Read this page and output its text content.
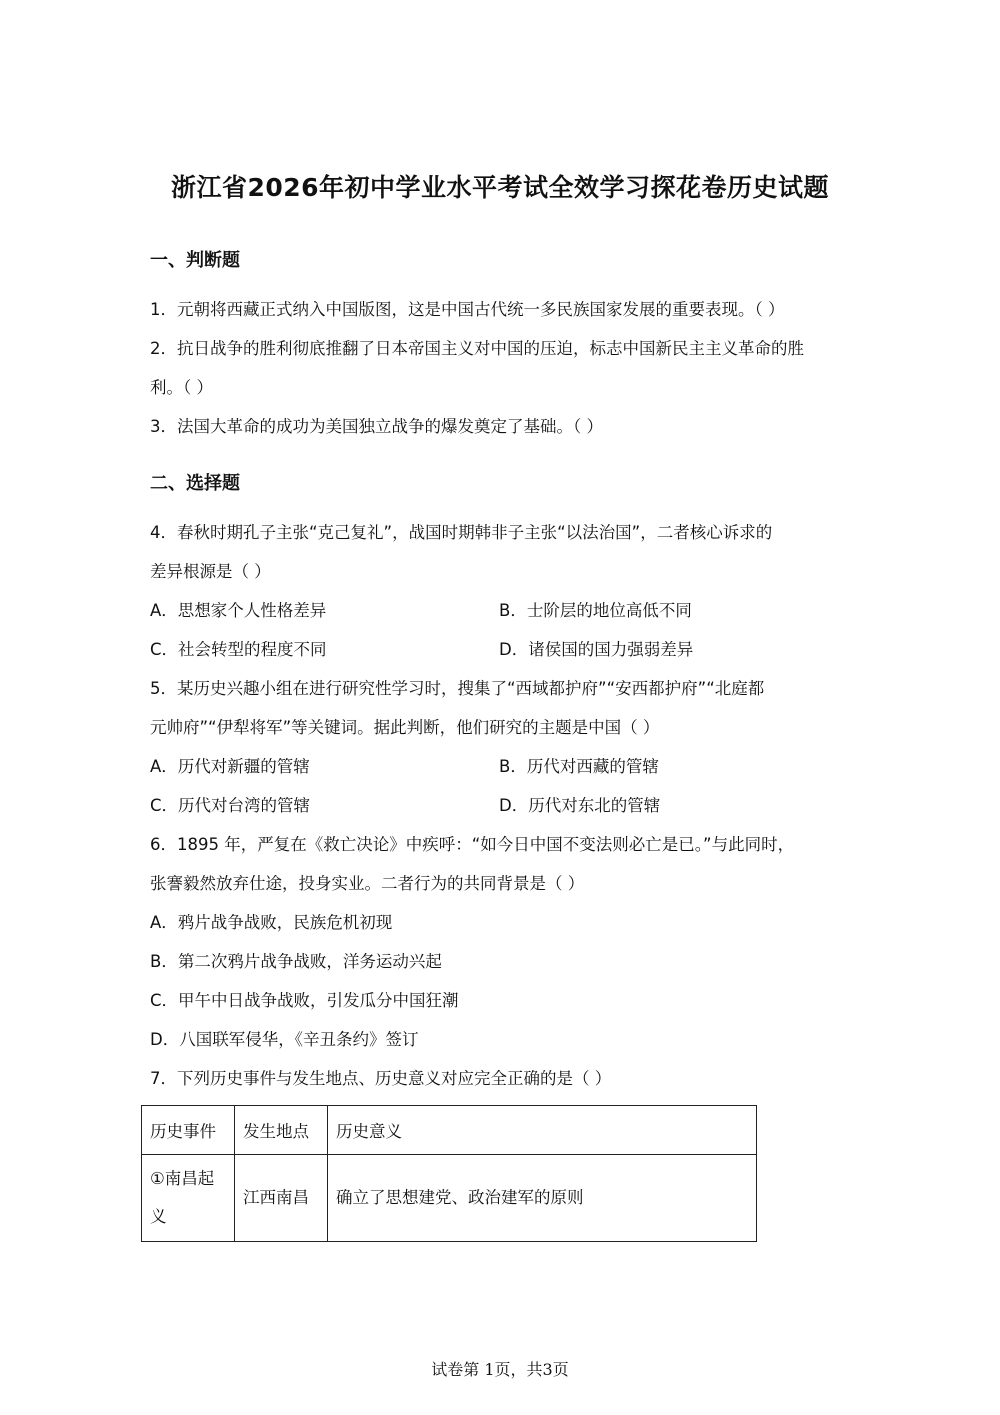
浙江省2026年初中学业水平考试全效学习探花卷历史试题
一、判断题
1．元朝将西藏正式纳入中国版图，这是中国古代统一多民族国家发展的重要表现。（ ）
2．抗日战争的胜利彻底推翻了日本帝国主义对中国的压迫，标志中国新民主主义革命的胜
利。（ ）
3．法国大革命的成功为美国独立战争的爆发奠定了基础。（ ）
二、选择题
4．春秋时期孔子主张“克己复礼”，战国时期韩非子主张“以法治国”，二者核心诉求的
差异根源是（ ）
A．思想家个人性格差异	B．士阶层的地位高低不同
C．社会转型的程度不同	D．诸侯国的国力强弱差异
5．某历史兴趣小组在进行研究性学习时，搜集了“西域都护府”“安西都护府”“北庭都
元帅府”“伊犁将军”等关键词。据此判断，他们研究的主题是中国（ ）
A．历代对新疆的管辖	B．历代对西藏的管辖
C．历代对台湾的管辖	D．历代对东北的管辖
6．1895 年，严复在《救亡决论》中疾呼：“如今日中国不变法则必亡是已。”与此同时，
张謇毅然放弃仕途，投身实业。二者行为的共同背景是（ ）
A．鸦片战争战败，民族危机初现
B．第二次鸦片战争战败，洋务运动兴起
C．甲午中日战争战败，引发瓜分中国狂潮
D．八国联军侵华，《辛丑条约》签订
7．下列历史事件与发生地点、历史意义对应完全正确的是（ ）
历史事件	发生地点	历史意义
①南昌起义	江西南昌	确立了思想建党、政治建军的原则
试卷第 1页，共3页
